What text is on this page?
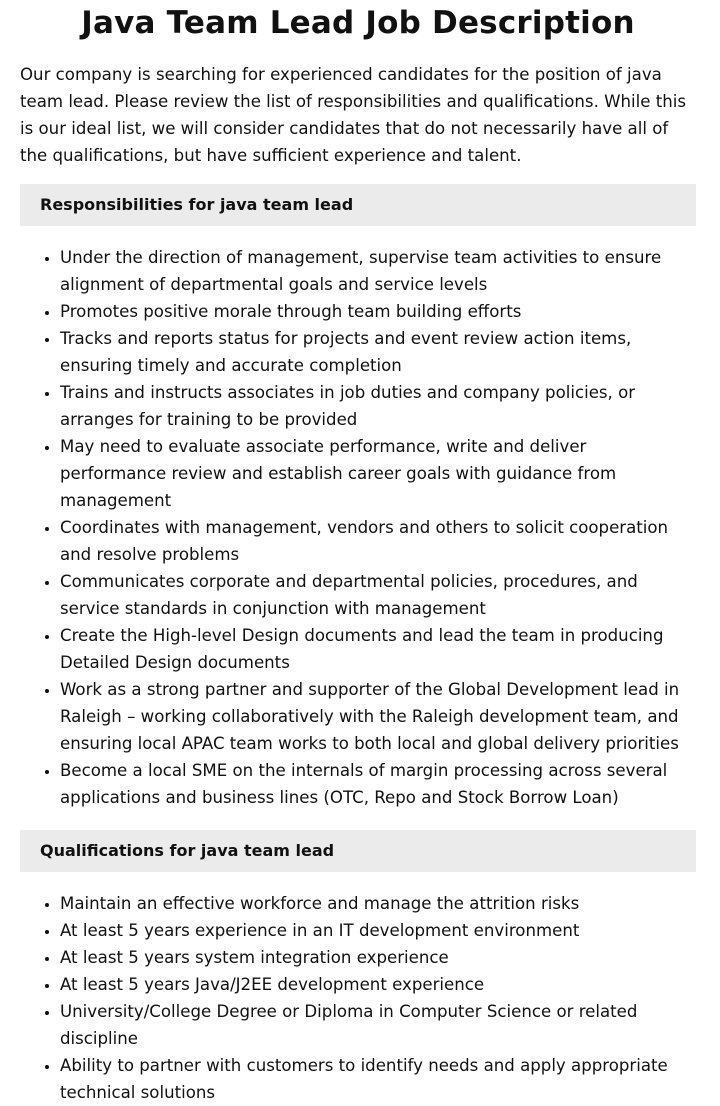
Java Team Lead Job Description

Our company is searching for experienced candidates for the position of java team lead. Please review the list of responsibilities and qualifications. While this is our ideal list, we will consider candidates that do not necessarily have all of the qualifications, but have sufficient experience and talent.

Responsibilities for java team lead
• Under the direction of management, supervise team activities to ensure alignment of departmental goals and service levels
• Promotes positive morale through team building efforts
• Tracks and reports status for projects and event review action items, ensuring timely and accurate completion
• Trains and instructs associates in job duties and company policies, or arranges for training to be provided
• May need to evaluate associate performance, write and deliver performance review and establish career goals with guidance from management
• Coordinates with management, vendors and others to solicit cooperation and resolve problems
• Communicates corporate and departmental policies, procedures, and service standards in conjunction with management
• Create the High-level Design documents and lead the team in producing Detailed Design documents
• Work as a strong partner and supporter of the Global Development lead in Raleigh – working collaboratively with the Raleigh development team, and ensuring local APAC team works to both local and global delivery priorities
• Become a local SME on the internals of margin processing across several applications and business lines (OTC, Repo and Stock Borrow Loan)
Qualifications for java team lead
• Maintain an effective workforce and manage the attrition risks
• At least 5 years experience in an IT development environment
• At least 5 years system integration experience
• At least 5 years Java/J2EE development experience
• University/College Degree or Diploma in Computer Science or related discipline
• Ability to partner with customers to identify needs and apply appropriate technical solutions
